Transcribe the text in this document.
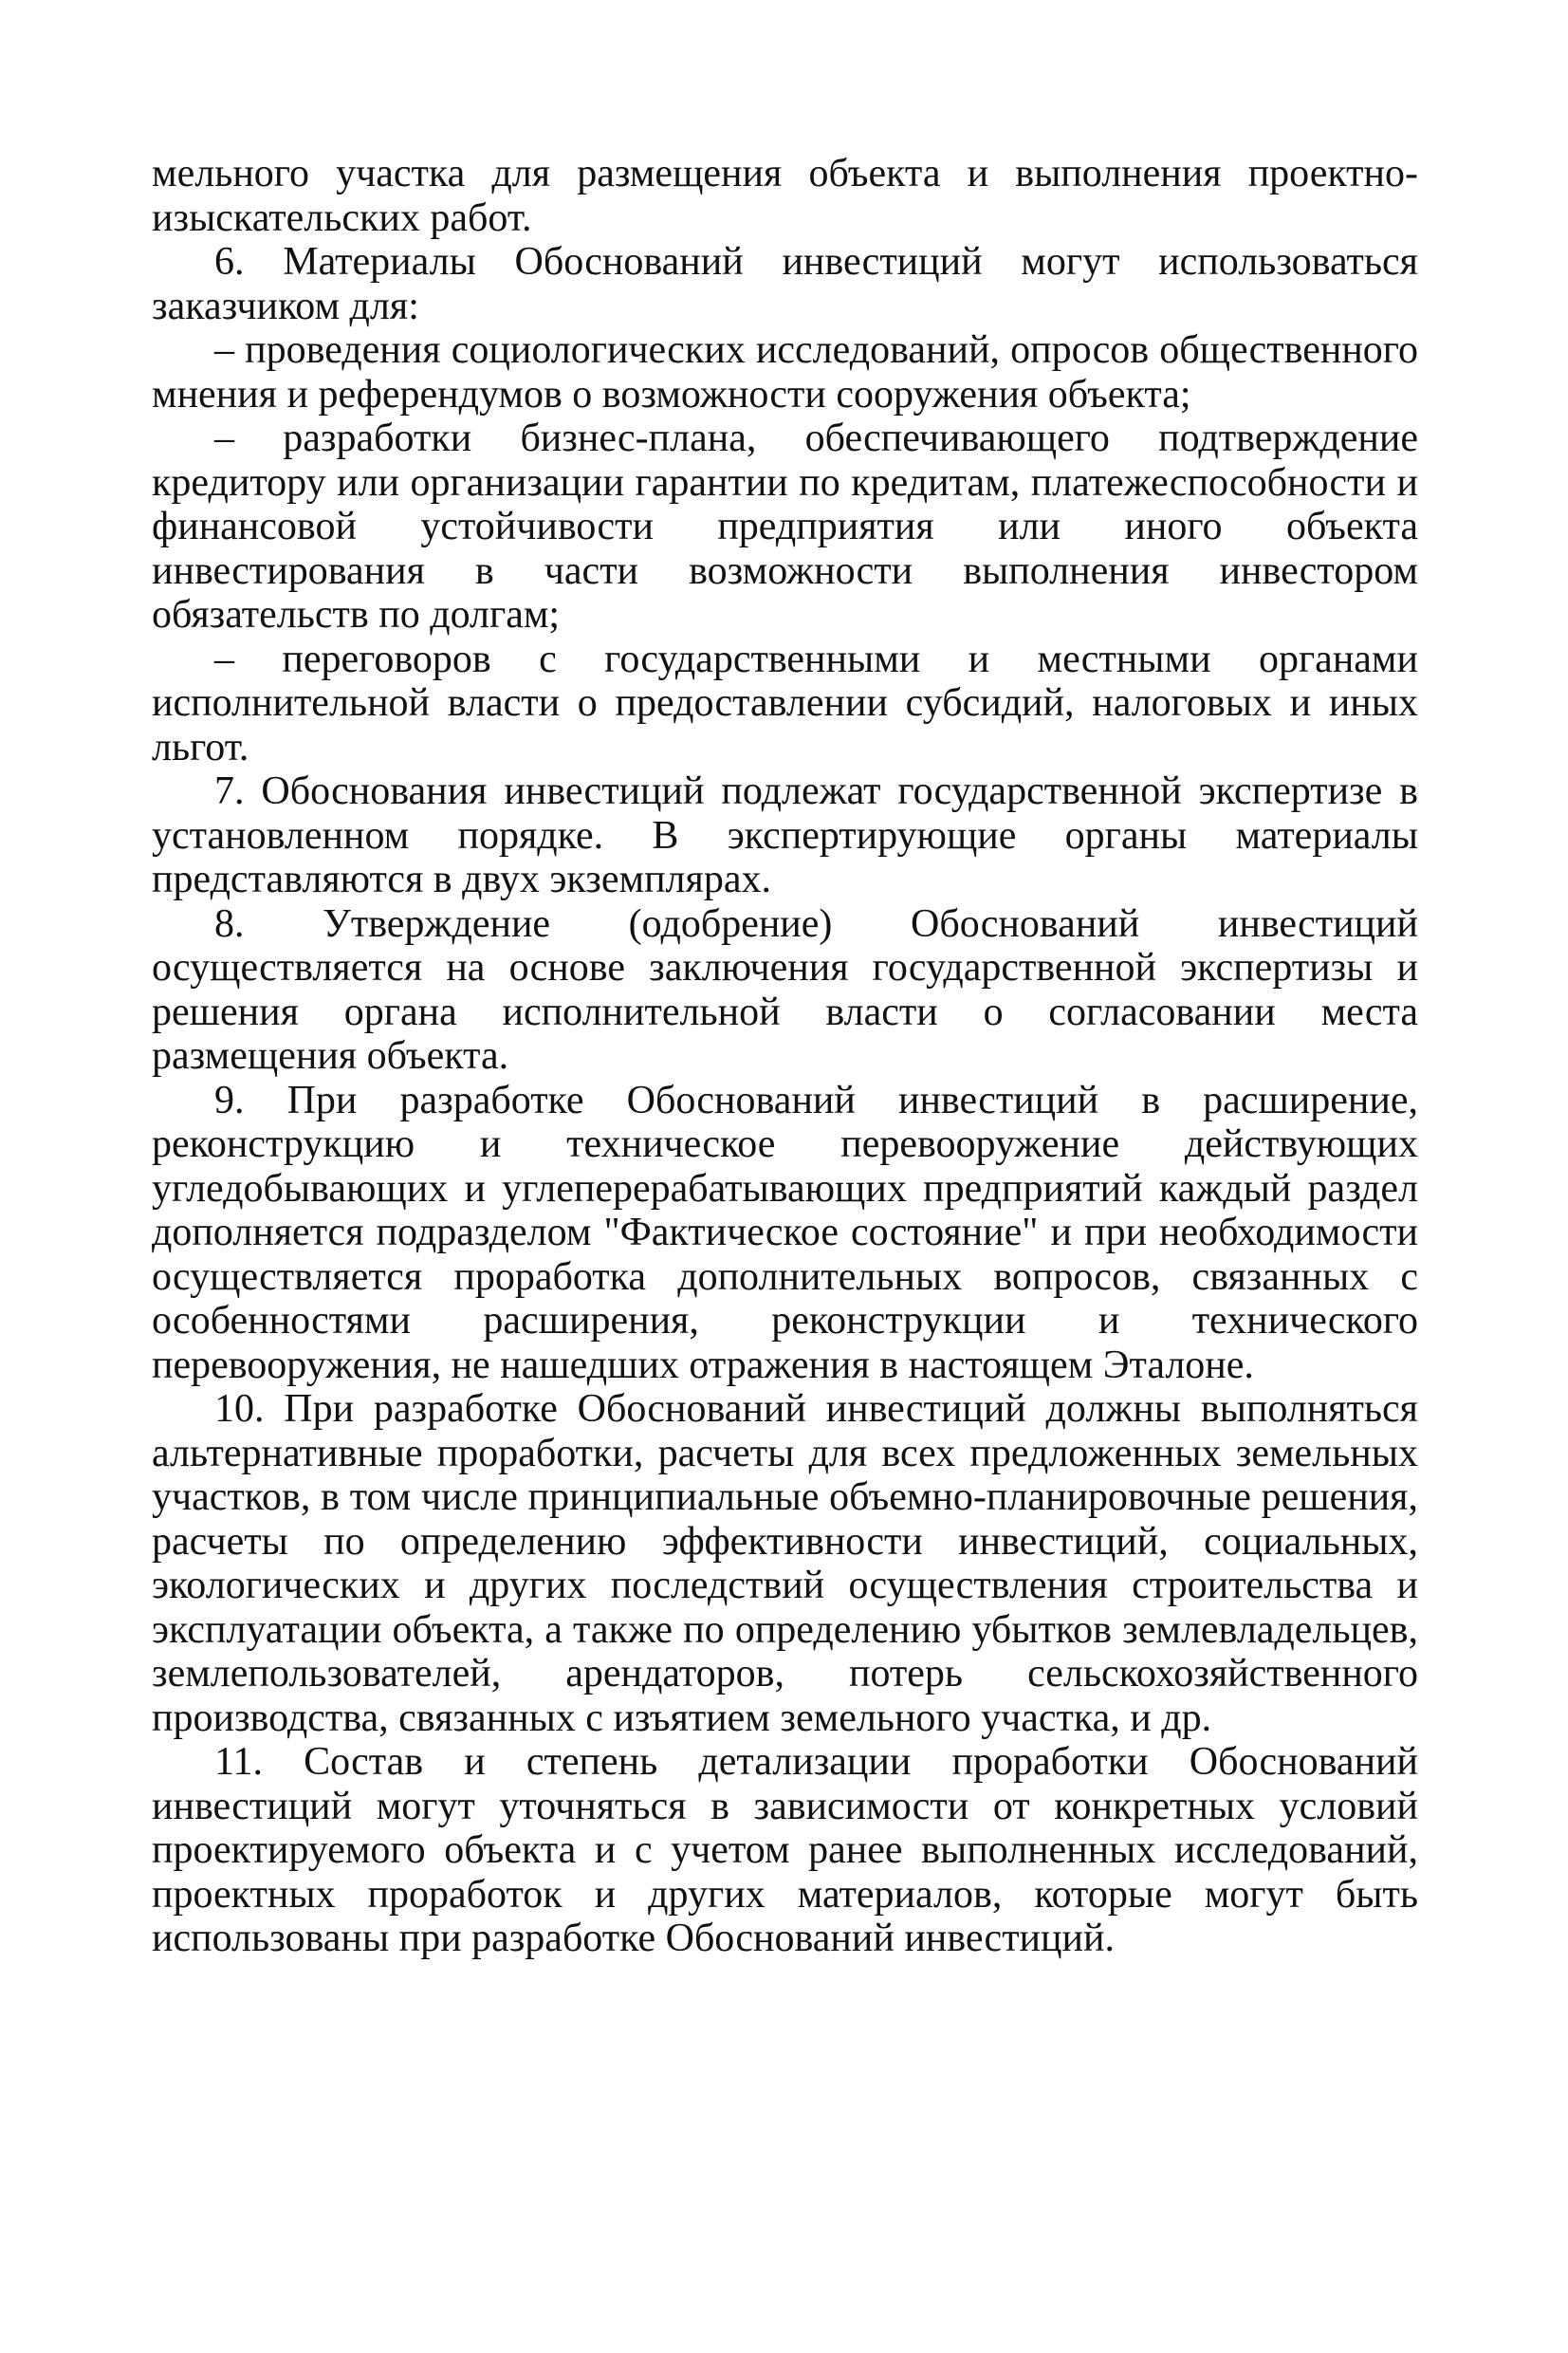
мельного участка для размещения объекта и выполнения проектно-изыскательских работ.

6. Материалы Обоснований инвестиций могут использоваться заказчиком для:

– проведения социологических исследований, опросов общественного мнения и референдумов о возможности сооружения объекта;

– разработки бизнес-плана, обеспечивающего подтверждение кредитору или организации гарантии по кредитам, платежеспособности и финансовой устойчивости предприятия или иного объекта инвестирования в части возможности выполнения инвестором обязательств по долгам;

– переговоров с государственными и местными органами исполнительной власти о предоставлении субсидий, налоговых и иных льгот.

7. Обоснования инвестиций подлежат государственной экспертизе в установленном порядке. В экспертирующие органы материалы представляются в двух экземплярах.

8. Утверждение (одобрение) Обоснований инвестиций осуществляется на основе заключения государственной экспертизы и решения органа исполнительной власти о согласовании места размещения объекта.

9. При разработке Обоснований инвестиций в расширение, реконструкцию и техническое перевооружение действующих угледобывающих и углеперерабатывающих предприятий каждый раздел дополняется подразделом "Фактическое состояние" и при необходимости осуществляется проработка дополнительных вопросов, связанных с особенностями расширения, реконструкции и технического перевооружения, не нашедших отражения в настоящем Эталоне.

10. При разработке Обоснований инвестиций должны выполняться альтернативные проработки, расчеты для всех предложенных земельных участков, в том числе принципиальные объемно-планировочные решения, расчеты по определению эффективности инвестиций, социальных, экологических и других последствий осуществления строительства и эксплуатации объекта, а также по определению убытков землевладельцев, землепользователей, арендаторов, потерь сельскохозяйственного производства, связанных с изъятием земельного участка, и др.

11. Состав и степень детализации проработки Обоснований инвестиций могут уточняться в зависимости от конкретных условий проектируемого объекта и с учетом ранее выполненных исследований, проектных проработок и других материалов, которые могут быть использованы при разработке Обоснований инвестиций.
